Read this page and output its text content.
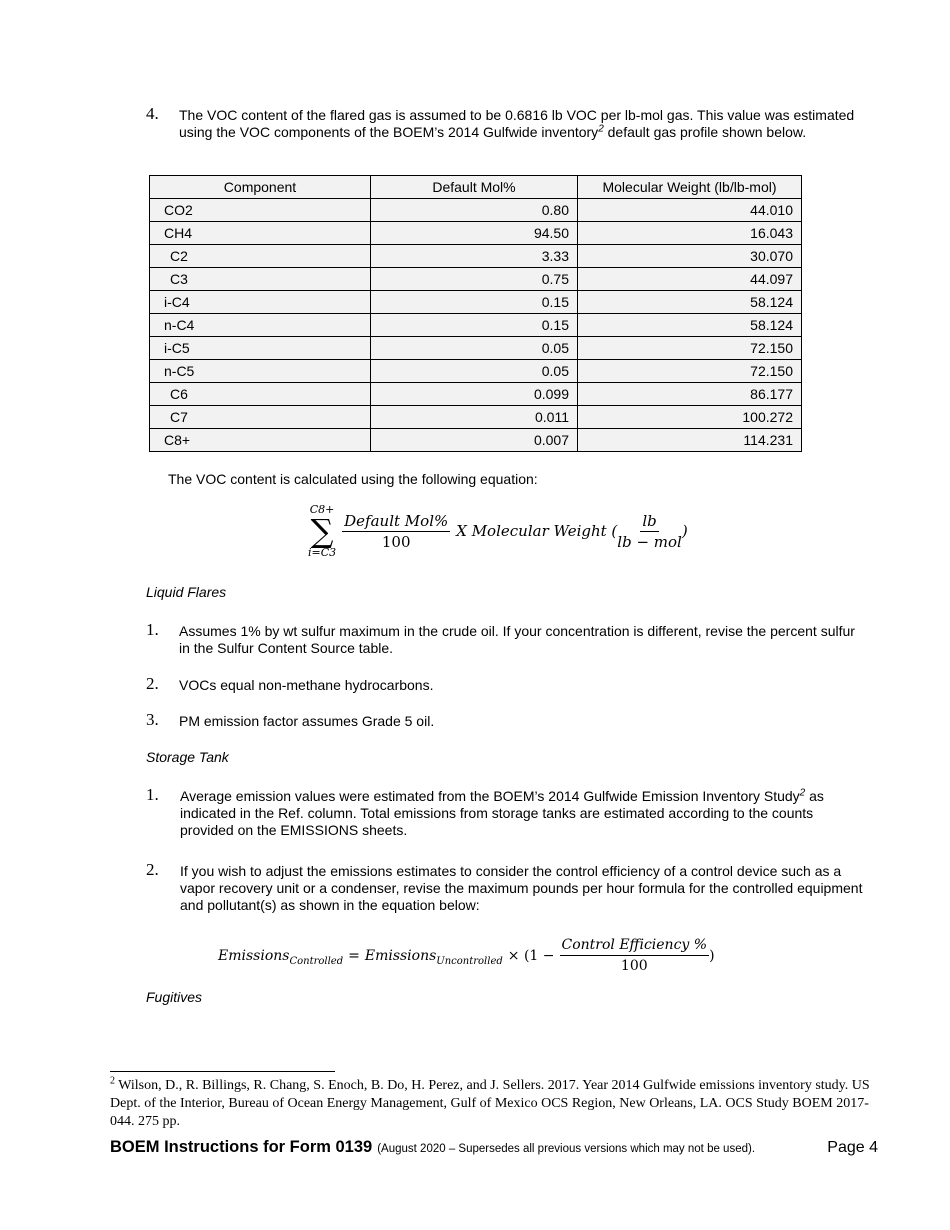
4. The VOC content of the flared gas is assumed to be 0.6816 lb VOC per lb-mol gas. This value was estimated using the VOC components of the BOEM’s 2014 Gulfwide inventory$^2$ default gas profile shown below.
Component	Default Mol%	Molecular Weight (lb/lb-mol)
CO2	0.80	44.010
CH4	94.50	16.043
C2	3.33	30.070
C3	0.75	44.097
i-C4	0.15	58.124
n-C4	0.15	58.124
i-C5	0.05	72.150
n-C5	0.05	72.150
C6	0.099	86.177
C7	0.011	100.272
C8+	0.007	114.231
The VOC content is calculated using the following equation:
C8+
∑
i=C3
$\frac{\text{Default Mol\%}}{100}$ X Molecular Weight ( $\frac{lb}{\text{lb − mol}}$ )
Liquid Flares
1. Assumes 1% by wt sulfur maximum in the crude oil. If your concentration is different, revise the percent sulfur in the Sulfur Content Source table.
2. VOCs equal non-methane hydrocarbons.
3. PM emission factor assumes Grade 5 oil.
Storage Tank
1. Average emission values were estimated from the BOEM’s 2014 Gulfwide Emission Inventory Study$^2$ as indicated in the Ref. column. Total emissions from storage tanks are estimated according to the counts provided on the EMISSIONS sheets.
2. If you wish to adjust the emissions estimates to consider the control efficiency of a control device such as a vapor recovery unit or a condenser, revise the maximum pounds per hour formula for the controlled equipment and pollutant(s) as shown in the equation below:
Emissions$_{Controlled}$ = Emissions$_{Uncontrolled}$ × ($1 - \frac{\text{Control Efficiency \%}}{100}$ )
Fugitives
$^2$ Wilson, D., R. Billings, R. Chang, S. Enoch, B. Do, H. Perez, and J. Sellers. 2017. Year 2014 Gulfwide emissions inventory study. US Dept. of the Interior, Bureau of Ocean Energy Management, Gulf of Mexico OCS Region, New Orleans, LA. OCS Study BOEM 2017-044. 275 pp.
BOEM Instructions for Form 0139 (August 2020 – Supersedes all previous versions which may not be used).	Page 4
